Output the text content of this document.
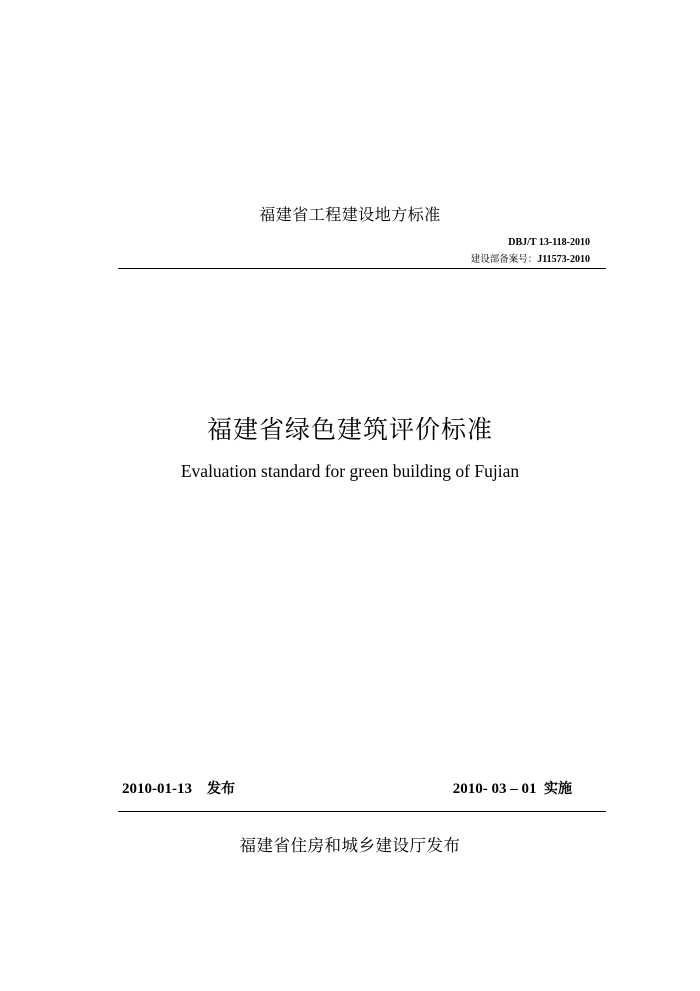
福建省工程建设地方标准
DBJ/T 13-118-2010
建设部备案号：J11573-2010
福建省绿色建筑评价标准
Evaluation standard for green building of Fujian
2010-01-13 发布	2010- 03 – 01 实施
福建省住房和城乡建设厅发布
